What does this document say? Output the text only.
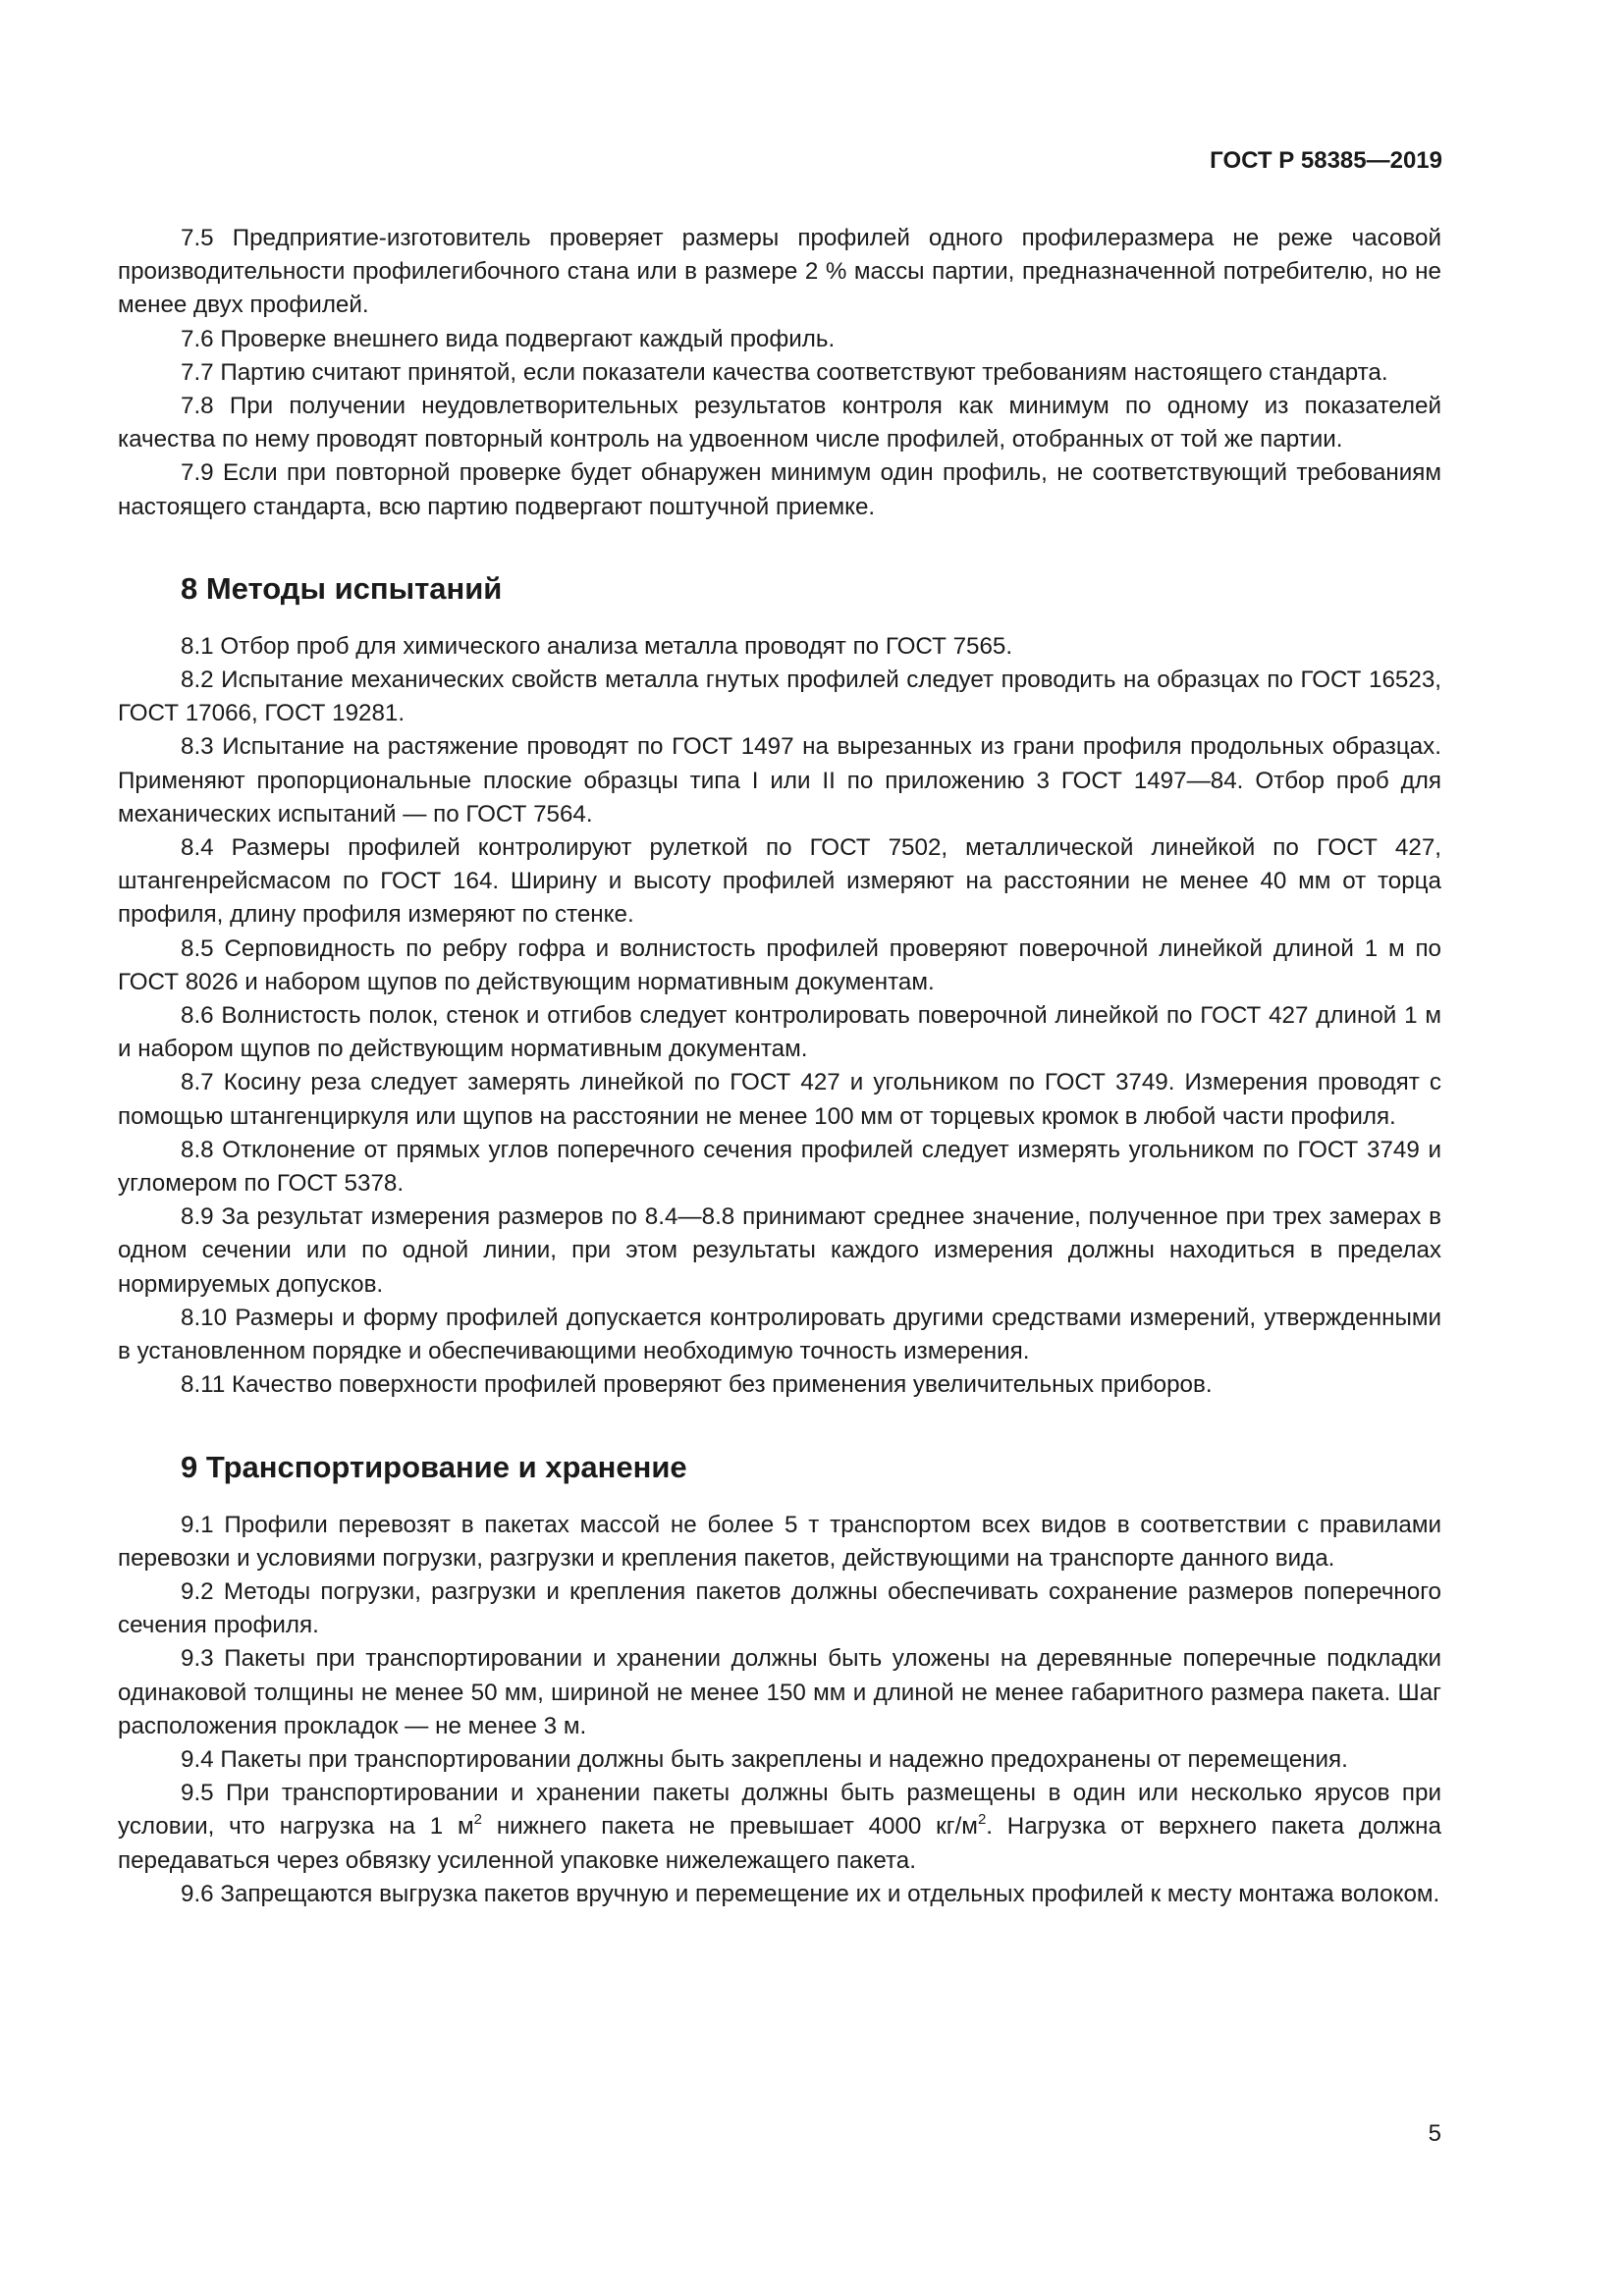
ГОСТ Р 58385—2019

7.5 Предприятие-изготовитель проверяет размеры профилей одного профилеразмера не реже часовой производительности профилегибочного стана или в размере 2 % массы партии, предназначенной потребителю, но не менее двух профилей.

7.6 Проверке внешнего вида подвергают каждый профиль.

7.7 Партию считают принятой, если показатели качества соответствуют требованиям настоящего стандарта.

7.8 При получении неудовлетворительных результатов контроля как минимум по одному из показателей качества по нему проводят повторный контроль на удвоенном числе профилей, отобранных от той же партии.

7.9 Если при повторной проверке будет обнаружен минимум один профиль, не соответствующий требованиям настоящего стандарта, всю партию подвергают поштучной приемке.

8 Методы испытаний

8.1 Отбор проб для химического анализа металла проводят по ГОСТ 7565.

8.2 Испытание механических свойств металла гнутых профилей следует проводить на образцах по ГОСТ 16523, ГОСТ 17066, ГОСТ 19281.

8.3 Испытание на растяжение проводят по ГОСТ 1497 на вырезанных из грани профиля продольных образцах. Применяют пропорциональные плоские образцы типа I или II по приложению 3 ГОСТ 1497—84. Отбор проб для механических испытаний — по ГОСТ 7564.

8.4 Размеры профилей контролируют рулеткой по ГОСТ 7502, металлической линейкой по ГОСТ 427, штангенрейсмасом по ГОСТ 164. Ширину и высоту профилей измеряют на расстоянии не менее 40 мм от торца профиля, длину профиля измеряют по стенке.

8.5 Серповидность по ребру гофра и волнистость профилей проверяют поверочной линейкой длиной 1 м по ГОСТ 8026 и набором щупов по действующим нормативным документам.

8.6 Волнистость полок, стенок и отгибов следует контролировать поверочной линейкой по ГОСТ 427 длиной 1 м и набором щупов по действующим нормативным документам.

8.7 Косину реза следует замерять линейкой по ГОСТ 427 и угольником по ГОСТ 3749. Измерения проводят с помощью штангенциркуля или щупов на расстоянии не менее 100 мм от торцевых кромок в любой части профиля.

8.8 Отклонение от прямых углов поперечного сечения профилей следует измерять угольником по ГОСТ 3749 и угломером по ГОСТ 5378.

8.9 За результат измерения размеров по 8.4—8.8 принимают среднее значение, полученное при трех замерах в одном сечении или по одной линии, при этом результаты каждого измерения должны находиться в пределах нормируемых допусков.

8.10 Размеры и форму профилей допускается контролировать другими средствами измерений, утвержденными в установленном порядке и обеспечивающими необходимую точность измерения.

8.11 Качество поверхности профилей проверяют без применения увеличительных приборов.

9 Транспортирование и хранение

9.1 Профили перевозят в пакетах массой не более 5 т транспортом всех видов в соответствии с правилами перевозки и условиями погрузки, разгрузки и крепления пакетов, действующими на транспорте данного вида.

9.2 Методы погрузки, разгрузки и крепления пакетов должны обеспечивать сохранение размеров поперечного сечения профиля.

9.3 Пакеты при транспортировании и хранении должны быть уложены на деревянные поперечные подкладки одинаковой толщины не менее 50 мм, шириной не менее 150 мм и длиной не менее габаритного размера пакета. Шаг расположения прокладок — не менее 3 м.

9.4 Пакеты при транспортировании должны быть закреплены и надежно предохранены от перемещения.

9.5 При транспортировании и хранении пакеты должны быть размещены в один или несколько ярусов при условии, что нагрузка на 1 $м^2$ нижнего пакета не превышает 4000 $кг/м^2$. Нагрузка от верхнего пакета должна передаваться через обвязку усиленной упаковке нижележащего пакета.

9.6 Запрещаются выгрузка пакетов вручную и перемещение их и отдельных профилей к месту монтажа волоком.

5
